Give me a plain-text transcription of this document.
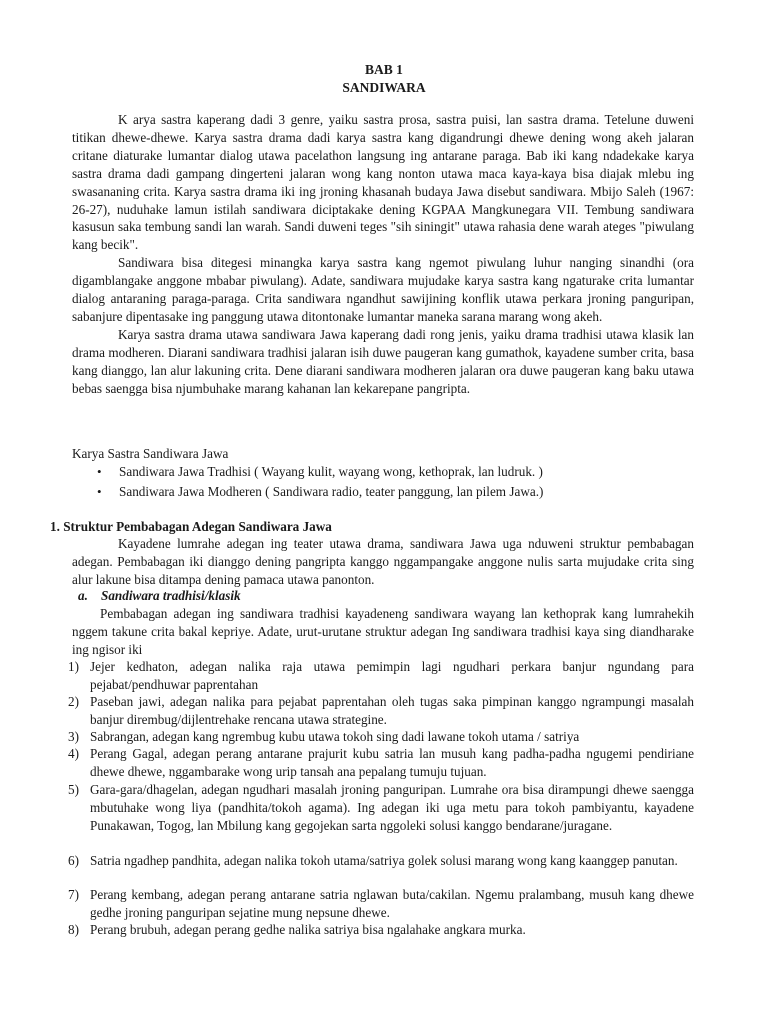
BAB 1
SANDIWARA

K arya sastra kaperang dadi 3 genre, yaiku sastra prosa, sastra puisi, lan sastra drama. Tetelune duweni titikan dhewe-dhewe. Karya sastra drama dadi karya sastra kang digandrungi dhewe dening wong akeh jalaran critane diaturake lumantar dialog utawa pacelathon langsung ing antarane paraga. Bab iki kang ndadekake karya sastra drama dadi gampang dingerteni jalaran wong kang nonton utawa maca kaya-kaya bisa diajak mlebu ing swasananing crita. Karya sastra drama iki ing jroning khasanah budaya Jawa disebut sandiwara. Mbijo Saleh (1967: 26-27), nuduhake lamun istilah sandiwara diciptakake dening KGPAA Mangkunegara VII. Tembung sandiwara kasusun saka tembung sandi lan warah. Sandi duweni teges "sih siningit" utawa rahasia dene warah ateges "piwulang kang becik".

Sandiwara bisa ditegesi minangka karya sastra kang ngemot piwulang luhur nanging sinandhi (ora digamblangake anggone mbabar piwulang). Adate, sandiwara mujudake karya sastra kang ngaturake crita lumantar dialog antaraning paraga-paraga. Crita sandiwara ngandhut sawijining konflik utawa perkara jroning panguripan, sabanjure dipentasake ing panggung utawa ditontonake lumantar maneka sarana marang wong akeh.

Karya sastra drama utawa sandiwara Jawa kaperang dadi rong jenis, yaiku drama tradhisi utawa klasik lan drama modheren. Diarani sandiwara tradhisi jalaran isih duwe paugeran kang gumathok, kayadene sumber crita, basa kang dianggo, lan alur lakuning crita. Dene diarani sandiwara modheren jalaran ora duwe paugeran kang baku utawa bebas saengga bisa njumbuhake marang kahanan lan kekarepane pangripta.

Karya Sastra Sandiwara Jawa
• Sandiwara Jawa Tradhisi ( Wayang kulit, wayang wong, kethoprak, lan ludruk. )
• Sandiwara Jawa Modheren ( Sandiwara radio, teater panggung, lan pilem Jawa.)
1. Struktur Pembabagan Adegan Sandiwara Jawa

Kayadene lumrahe adegan ing teater utawa drama, sandiwara Jawa uga nduweni struktur pembabagan adegan. Pembabagan iki dianggo dening pangripta kanggo nggampangake anggone nulis sarta mujudake crita sing alur lakune bisa ditampa dening pamaca utawa panonton.

a. Sandiwara tradhisi/klasik

Pembabagan adegan ing sandiwara tradhisi kayadeneng sandiwara wayang lan kethoprak kang lumrahekih nggem takune crita bakal kepriye. Adate, urut-urutane struktur adegan Ing sandiwara tradhisi kaya sing diandharake ing ngisor iki

1) Jejer kedhaton, adegan nalika raja utawa pemimpin lagi ngudhari perkara banjur ngundang para pejabat/pendhuwar paprentahan
2) Paseban jawi, adegan nalika para pejabat paprentahan oleh tugas saka pimpinan kanggo ngrampungi masalah banjur dirembug/dijlentrehake rencana utawa strategine.
3) Sabrangan, adegan kang ngrembug kubu utawa tokoh sing dadi lawane tokoh utama / satriya
4) Perang Gagal, adegan perang antarane prajurit kubu satria lan musuh kang padha-padha ngugemi pendiriane dhewe dhewe, nggambarake wong urip tansah ana pepalang tumuju tujuan.
5) Gara-gara/dhagelan, adegan ngudhari masalah jroning panguripan. Lumrahe ora bisa dirampungi dhewe saengga mbutuhake wong liya (pandhita/tokoh agama). Ing adegan iki uga metu para tokoh pambiyantu, kayadene Punakawan, Togog, lan Mbilung kang gegojekan sarta nggoleki solusi kanggo bendarane/juragane.
6) Satria ngadhep pandhita, adegan nalika tokoh utama/satriya golek solusi marang wong kang kaanggep panutan.
7) Perang kembang, adegan perang antarane satria nglawan buta/cakilan. Ngemu pralambang, musuh kang dhewe gedhe jroning panguripan sejatine mung nepsune dhewe.
8) Perang brubuh, adegan perang gedhe nalika satriya bisa ngalahake angkara murka.
